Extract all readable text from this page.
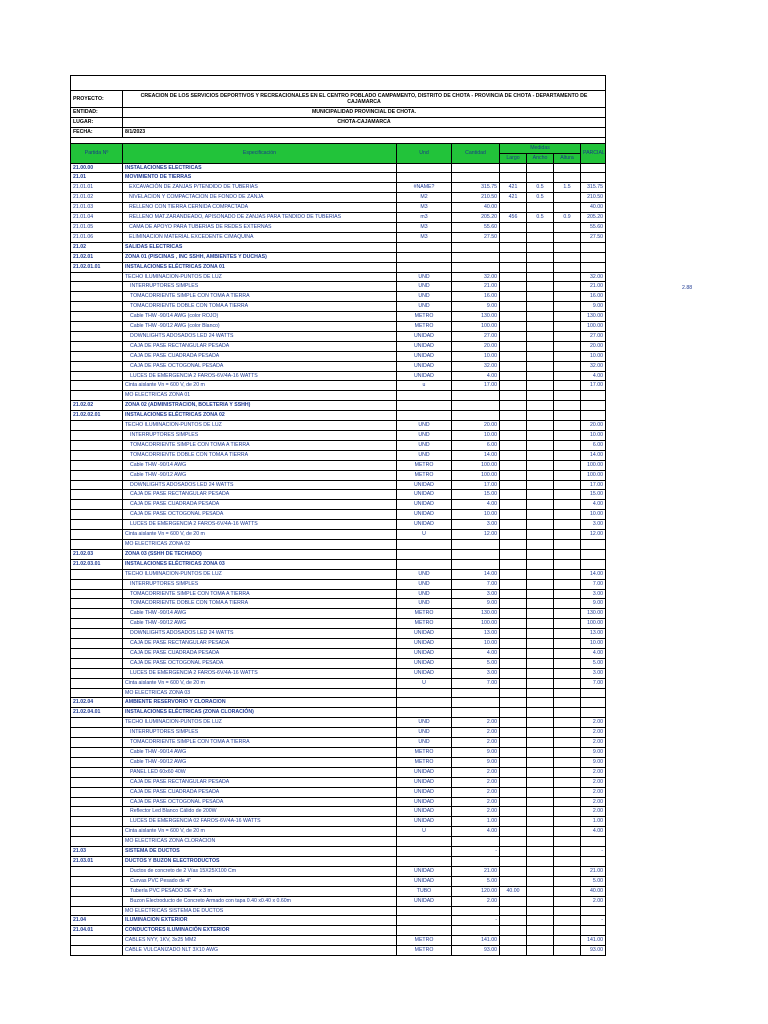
PROYECTO:	CREACION DE LOS SERVICIOS DEPORTIVOS Y RECREACIONALES EN EL CENTRO POBLADO CAMPAMENTO, DISTRITO DE CHOTA - PROVINCIA DE CHOTA - DEPARTAMENTO DE CAJAMARCA						
ENTIDAD:	MUNICIPALIDAD PROVINCIAL DE CHOTA.						
LUGAR:	CHOTA-CAJAMARCA						
FECHA:	8/1/2023						

Partida Nº	Especificación	Und	Cantidad	Medidas			PARCIAL
				Largo	Ancho	Altura	
21.00.00	INSTALACIONES ELECTRICAS						
21.01	MOVIMIENTO DE TIERRAS						
21.01.01	EXCAVACIÓN DE ZANJAS P/TENDIDO DE TUBERIAS	#NAME?	315.75	421	0.5	1.5	315.75
21.01.02	NIVELACION Y COMPACTACION DE FONDO DE ZANJA	M2	210.50	421	0.5		210.50
21.01.03	RELLENO CON TIERRA CERNIDA COMPACTADA	M3	40.00				40.00
21.01.04	RELLENO MAT.ZARANDEADO, APISONADO DE ZANJAS PARA TENDIDO DE TUBERIAS	m3	205.20	456	0.5	0.9	205.20
21.01.05	CAMA DE APOYO PARA TUBERIAS DE REDES EXTERNAS	M3	55.60				55.60
21.01.06	ELIMINACION MATERIAL EXCEDENTE C/MAQUINA	M3	27.50				27.50
21.02	SALIDAS ELECTRICAS						
21.02.01	ZONA 01 (PISCINAS , INC SSHH, AMBIENTES Y DUCHAS)						
21.02.01.01	INSTALACIONES ELÉCTRICAS ZONA 01						
	TECHO ILUMINACION-PUNTOS DE LUZ	UND	32.00				32.00
	INTERRUPTORES SIMPLES	UND	21.00				21.00
	TOMACORRIENTE SIMPLE CON TOMA A TIERRA	UND	16.00				16.00
	TOMACORRIENTE DOBLE CON TOMA A TIERRA	UND	9.00				9.00
	Cable THW -90/14 AWG (color ROJO)	METRO	130.00				130.00
	Cable THW -90/12 AWG (color Blanco)	METRO	100.00				100.00
	DOWNLIGHTS ADOSADOS LED 24 WATTS	UNIDAD	27.00				27.00
	CAJA DE PASE RECTANGULAR PESADA	UNIDAD	20.00				20.00
	CAJA DE PASE CUADRADA PESADA	UNIDAD	10.00				10.00
	CAJA DE PASE OCTOGONAL PESADA	UNIDAD	32.00				32.00
	LUCES DE EMERGENCIA 2 FAROS-6V/4A-16 WATTS	UNIDAD	4.00				4.00
	Cinta aislante Vn = 600 V, de 20 m	u	17.00				17.00
	MO ELECTRICAS ZONA 01						
21.02.02	ZONA 02 (ADMINISTRACION, BOLETERIA Y SSHH)						
21.02.02.01	INSTALACIONES ELÉCTRICAS ZONA 02						
	TECHO ILUMINACION-PUNTOS DE LUZ	UND	20.00				20.00
	INTERRUPTORES SIMPLES	UND	10.00				10.00
	TOMACORRIENTE SIMPLE CON TOMA A TIERRA	UND	6.00				6.00
	TOMACORRIENTE DOBLE CON TOMA A TIERRA	UND	14.00				14.00
	Cable THW -90/14 AWG	METRO	100.00				100.00
	Cable THW -90/12 AWG	METRO	100.00				100.00
	DOWNLIGHTS ADOSADOS LED 24 WATTS	UNIDAD	17.00				17.00
	CAJA DE PASE RECTANGULAR PESADA	UNIDAD	15.00				15.00
	CAJA DE PASE CUADRADA PESADA	UNIDAD	4.00				4.00
	CAJA DE PASE OCTOGONAL PESADA	UNIDAD	10.00				10.00
	LUCES DE EMERGENCIA 2 FAROS-6V/4A-16 WATTS	UNIDAD	3.00				3.00
	Cinta aislante Vn = 600 V, de 20 m	U	12.00				12.00
	MO ELECTRICAS ZONA 02						
21.02.03	ZONA 03 (SSHH DE TECHADO)						
21.02.03.01	INSTALACIONES ELÉCTRICAS ZONA 03						
	TECHO ILUMINACION-PUNTOS DE LUZ	UND	14.00				14.00
	INTERRUPTORES SIMPLES	UND	7.00				7.00
	TOMACORRIENTE SIMPLE CON TOMA A TIERRA	UND	3.00				3.00
	TOMACORRIENTE DOBLE CON TOMA A TIERRA	UND	9.00				9.00
	Cable THW -90/14 AWG	METRO	130.00				130.00
	Cable THW -90/12 AWG	METRO	100.00				100.00
	DOWNLIGHTS ADOSADOS LED 24 WATTS	UNIDAD	13.00				13.00
	CAJA DE PASE RECTANGULAR PESADA	UNIDAD	10.00				10.00
	CAJA DE PASE CUADRADA PESADA	UNIDAD	4.00				4.00
	CAJA DE PASE OCTOGONAL PESADA	UNIDAD	5.00				5.00
	LUCES DE EMERGENCIA 2 FAROS-6V/4A-16 WATTS	UNIDAD	3.00				3.00
	Cinta aislante Vn = 600 V, de 20 m	U	7.00				7.00
	MO ELECTRICAS ZONA 03						
21.02.04	AMBIENTE RESERVORIO Y CLORACION						
21.02.04.01	INSTALACIONES ELÉCTRICAS (ZONA CLORACIÓN)						
	TECHO ILUMINACION-PUNTOS DE LUZ	UND	2.00				2.00
	INTERRUPTORES SIMPLES	UND	2.00				2.00
	TOMACORRIENTE SIMPLE CON TOMA A TIERRA	UND	2.00				2.00
	Cable THW -90/14 AWG	METRO	9.00				9.00
	Cable THW -90/12 AWG	METRO	9.00				9.00
	PANEL LED 60x60 40W	UNIDAD	2.00				2.00
	CAJA DE PASE RECTANGULAR PESADA	UNIDAD	2.00				2.00
	CAJA DE PASE CUADRADA PESADA	UNIDAD	2.00				2.00
	CAJA DE PASE OCTOGONAL PESADA	UNIDAD	2.00				2.00
	Reflector Led Blanco Cálido de 200W	UNIDAD	2.00				2.00
	LUCES DE EMERGENCIA 02 FAROS-6V/4A-16 WATTS	UNIDAD	1.00				1.00
	Cinta aislante Vn = 600 V, de 20 m	U	4.00				4.00
	MO ELECTRICAS ZONA CLORACION						
21.03	SISTEMA DE DUCTOS		-				-
21.03.01	DUCTOS Y BUZON ELECTRODUCTOS						
	Ductos de concreto de 2 Vías 15X25X100 Cm	UNIDAD	21.00				21.00
	Curvas PVC Pesado de 4"	UNIDAD	5.00				5.00
	Tubería PVC PESADO DE 4" x 3 m	TUBO	120.00	40.00			40.00
	Buzon Electroducto de Concreto Armado con tapa 0.40 x0.40 x 0.60m	UNIDAD	2.00				2.00
	MO ELECTRICAS SISTEMA DE DUCTOS						
21.04	ILUMINACION EXTERIOR		-				-
21.04.01	CONDUCTORES ILUMINACIÓN EXTERIOR						
	CABLES NYY, 1KV, 3x25 MM2	METRO	141.00				141.00
	CABLE VULCANIZADO NLT 3X10 AWG	METRO	93.00				93.00
2.88
